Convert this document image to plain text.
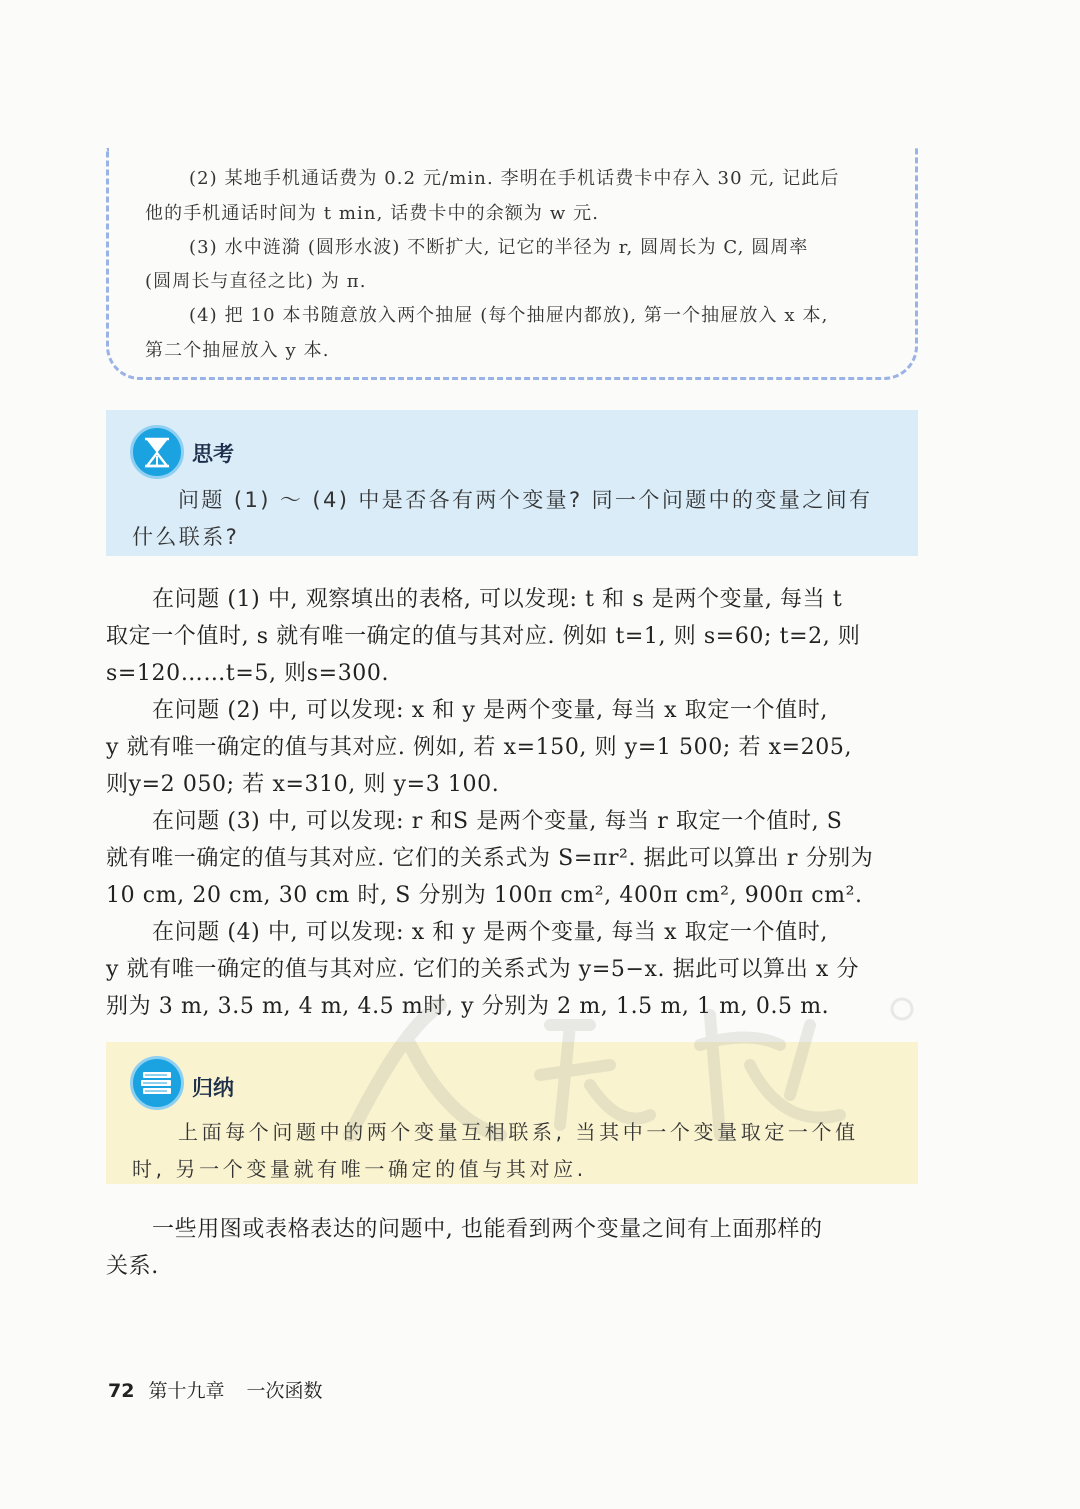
(2) 某地手机通话费为 0.2 元/min. 李明在手机话费卡中存入 30 元, 记此后
他的手机通话时间为 t min, 话费卡中的余额为 w 元.
(3) 水中涟漪 (圆形水波) 不断扩大, 记它的半径为 r, 圆周长为 C, 圆周率
(圆周长与直径之比) 为 π.
(4) 把 10 本书随意放入两个抽屉 (每个抽屉内都放), 第一个抽屉放入 x 本,
第二个抽屉放入 y 本.
思考
问题 (1) ～ (4) 中是否各有两个变量? 同一个问题中的变量之间有
什么联系?
在问题 (1) 中, 观察填出的表格, 可以发现: t 和 s 是两个变量, 每当 t
取定一个值时, s 就有唯一确定的值与其对应. 例如 t=1, 则 s=60; t=2, 则
s=120……t=5, 则s=300.
在问题 (2) 中, 可以发现: x 和 y 是两个变量, 每当 x 取定一个值时,
y 就有唯一确定的值与其对应. 例如, 若 x=150, 则 y=1 500; 若 x=205,
则y=2 050; 若 x=310, 则 y=3 100.
在问题 (3) 中, 可以发现: r 和S 是两个变量, 每当 r 取定一个值时, S
就有唯一确定的值与其对应. 它们的关系式为 S=πr². 据此可以算出 r 分别为
10 cm, 20 cm, 30 cm 时, S 分别为 100π cm², 400π cm², 900π cm².
在问题 (4) 中, 可以发现: x 和 y 是两个变量, 每当 x 取定一个值时,
y 就有唯一确定的值与其对应. 它们的关系式为 y=5−x. 据此可以算出 x 分
别为 3 m, 3.5 m, 4 m, 4.5 m时, y 分别为 2 m, 1.5 m, 1 m, 0.5 m.
归纳
上面每个问题中的两个变量互相联系, 当其中一个变量取定一个值
时, 另一个变量就有唯一确定的值与其对应.
一些用图或表格表达的问题中, 也能看到两个变量之间有上面那样的
关系.
72 第十九章 一次函数
